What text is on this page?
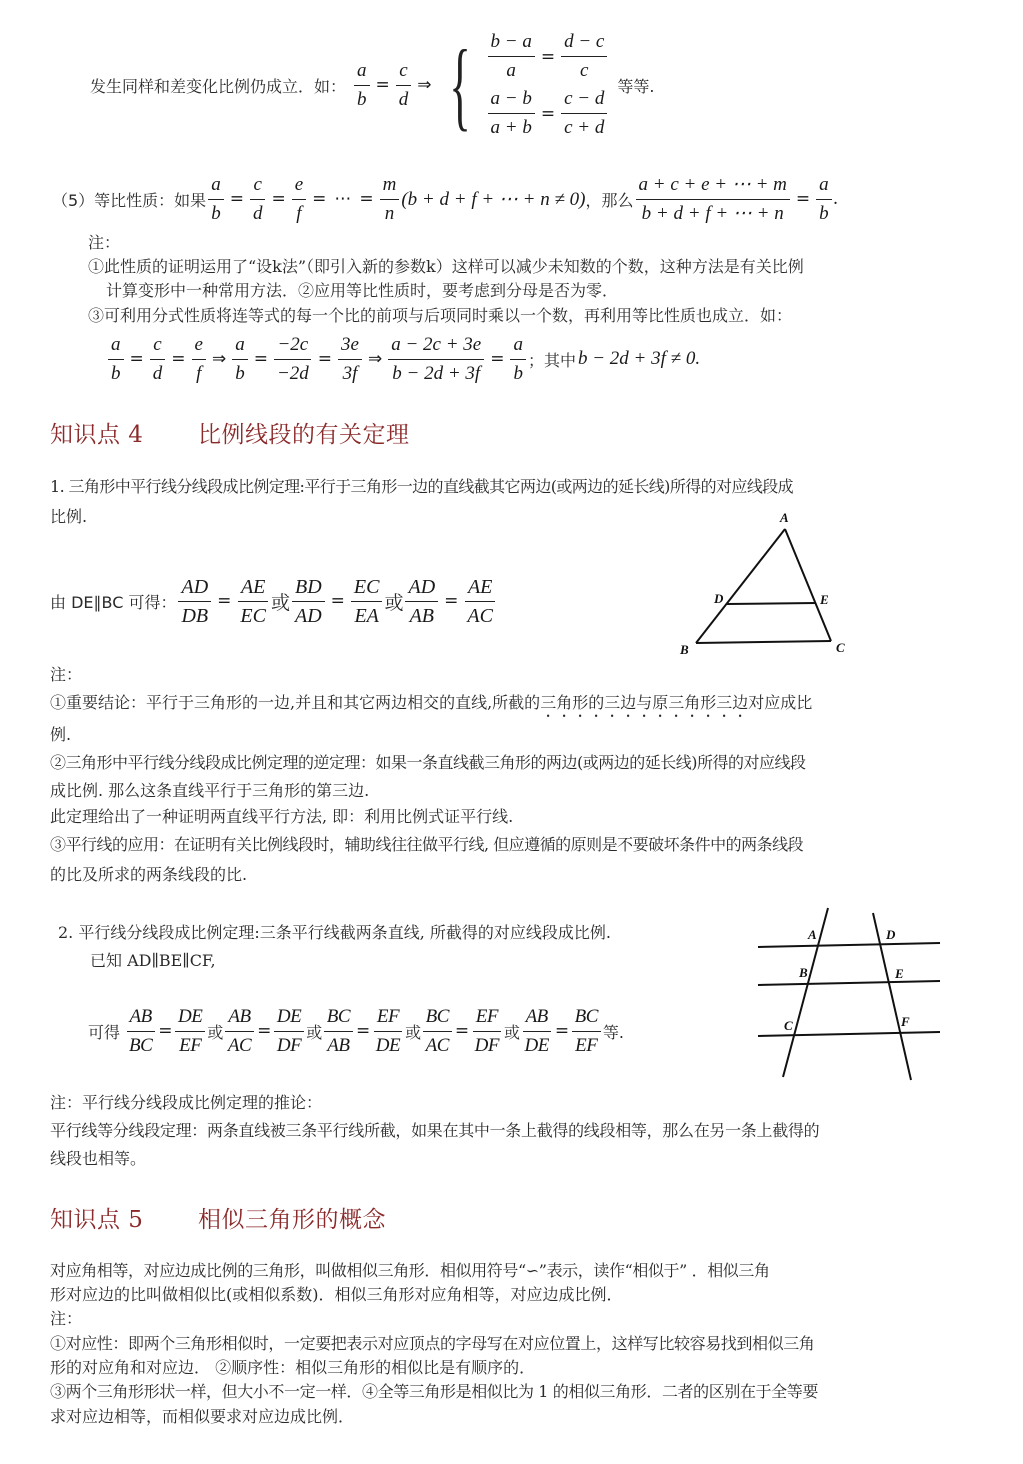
发生同样和差变化比例仍成立．如： $\frac{a}{b} = \frac{c}{d}$ ⇒ { $\frac{b - a}{a} = \frac{d - c}{c}$
$\frac{a - b}{a + b} = \frac{c - d}{c + d}$
等等.
（5）等比性质：如果 $\frac{a}{b} = \frac{c}{d} = \frac{e}{f}$ = ⋯ = $\frac{m}{n} (b + d + f$ + ⋯ + n ≠ 0) ，那么 $\frac{a + c + e + \cdots + m}{b + d + f + \cdots + n} = \frac{a}{b}$ .
注：
①此性质的证明运用了“设k法”（即引入新的参数k）这样可以减少未知数的个数，这种方法是有关比例
计算变形中一种常用方法．②应用等比性质时，要考虑到分母是否为零．
③可利用分式性质将连等式的每一个比的前项与后项同时乘以一个数，再利用等比性质也成立．如：
$\frac{a}{b} = \frac{c}{d} = \frac{e}{f}$ ⇒ $\frac{a}{b} = \frac{-2c}{-2d} = \frac{3e}{3f}$ ⇒ $\frac{a - 2c + 3e}{b - 2d + 3f} = \frac{a}{b}$ ；其中 b − 2d + 3f ≠ 0 .
知识点 4 比例线段的有关定理
1. 三角形中平行线分线段成比例定理:平行于三角形一边的直线截其它两边(或两边的延长线)所得的对应线段成
比例.
由 DE∥BC 可得： $\frac{AD}{DB} = \frac{AE}{EC}$ 或 $\frac{BD}{AD} = \frac{EC}{EA}$ 或 $\frac{AD}{AB} = \frac{AE}{AC}$
A
D	E
B	C
注：
①重要结论：平行于三角形的一边,并且和其它两边相交的直线,所截的三角形的三边与原三角形三边对应成比
例.
②三角形中平行线分线段成比例定理的逆定理：如果一条直线截三角形的两边(或两边的延长线)所得的对应线段
成比例. 那么这条直线平行于三角形的第三边.
此定理给出了一种证明两直线平行方法, 即：利用比例式证平行线.
③平行线的应用：在证明有关比例线段时，辅助线往往做平行线, 但应遵循的原则是不要破坏条件中的两条线段
的比及所求的两条线段的比.
2. 平行线分线段成比例定理:三条平行线截两条直线, 所截得的对应线段成比例.
已知 AD∥BE∥CF,
可得 $\frac{AB}{BC} = \frac{DE}{EF}$ 或 $\frac{AB}{AC} = \frac{DE}{DF}$ 或 $\frac{BC}{AB} = \frac{EF}{DE}$ 或 $\frac{BC}{AC} = \frac{EF}{DF}$ 或 $\frac{AB}{DE} = \frac{BC}{EF}$ 等.
A	D
B	E
C	F
注：平行线分线段成比例定理的推论：
平行线等分线段定理：两条直线被三条平行线所截，如果在其中一条上截得的线段相等，那么在另一条上截得的
线段也相等。
知识点 5 相似三角形的概念
对应角相等，对应边成比例的三角形，叫做相似三角形．相似用符号“∽”表示，读作“相似于” ．相似三角
形对应边的比叫做相似比(或相似系数)．相似三角形对应角相等，对应边成比例．
注：
①对应性：即两个三角形相似时，一定要把表示对应顶点的字母写在对应位置上，这样写比较容易找到相似三角
形的对应角和对应边． ②顺序性：相似三角形的相似比是有顺序的．
③两个三角形形状一样，但大小不一定一样．④全等三角形是相似比为 1 的相似三角形．二者的区别在于全等要
求对应边相等，而相似要求对应边成比例．
